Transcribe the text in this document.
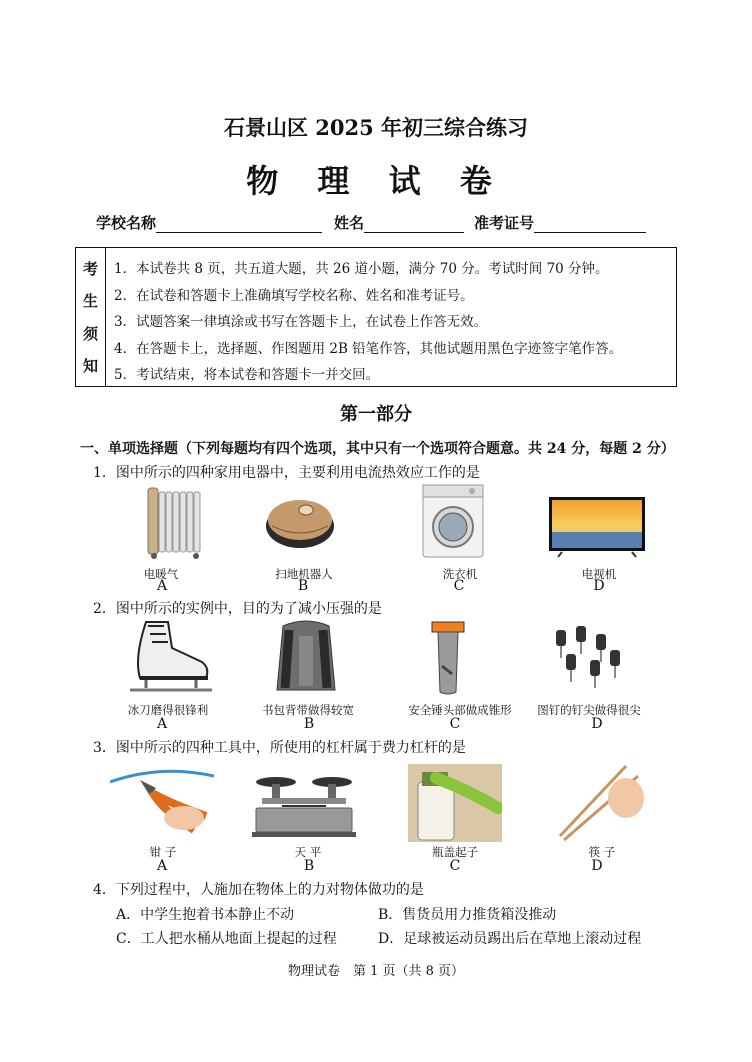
石景山区 2025 年初三综合练习
物 理 试 卷
学校名称	姓名	准考证号
考
生
须
知
1．本试卷共 8 页，共五道大题，共 26 道小题，满分 70 分。考试时间 70 分钟。
2．在试卷和答题卡上准确填写学校名称、姓名和准考证号。
3．试题答案一律填涂或书写在答题卡上，在试卷上作答无效。
4．在答题卡上，选择题、作图题用 2B 铅笔作答，其他试题用黑色字迹签字笔作答。
5．考试结束，将本试卷和答题卡一并交回。
第一部分
一、单项选择题（下列每题均有四个选项，其中只有一个选项符合题意。共 24 分，每题 2 分）
1．图中所示的四种家用电器中，主要利用电流热效应工作的是
电暖气
A
扫地机器人
B
洗衣机
C
电视机
D
2．图中所示的实例中，目的为了减小压强的是
冰刀磨得很锋利
A
书包背带做得较宽
B
安全锤头部做成锥形
C
图钉的钉尖做得很尖
D
3．图中所示的四种工具中，所使用的杠杆属于费力杠杆的是
钳 子
A
天 平
B
瓶盖起子
C
筷 子
D
4．下列过程中，人施加在物体上的力对物体做功的是
A．中学生抱着书本静止不动	B．售货员用力推货箱没推动
C．工人把水桶从地面上提起的过程	D．足球被运动员踢出后在草地上滚动过程
物理试卷　第 1 页（共 8 页）
